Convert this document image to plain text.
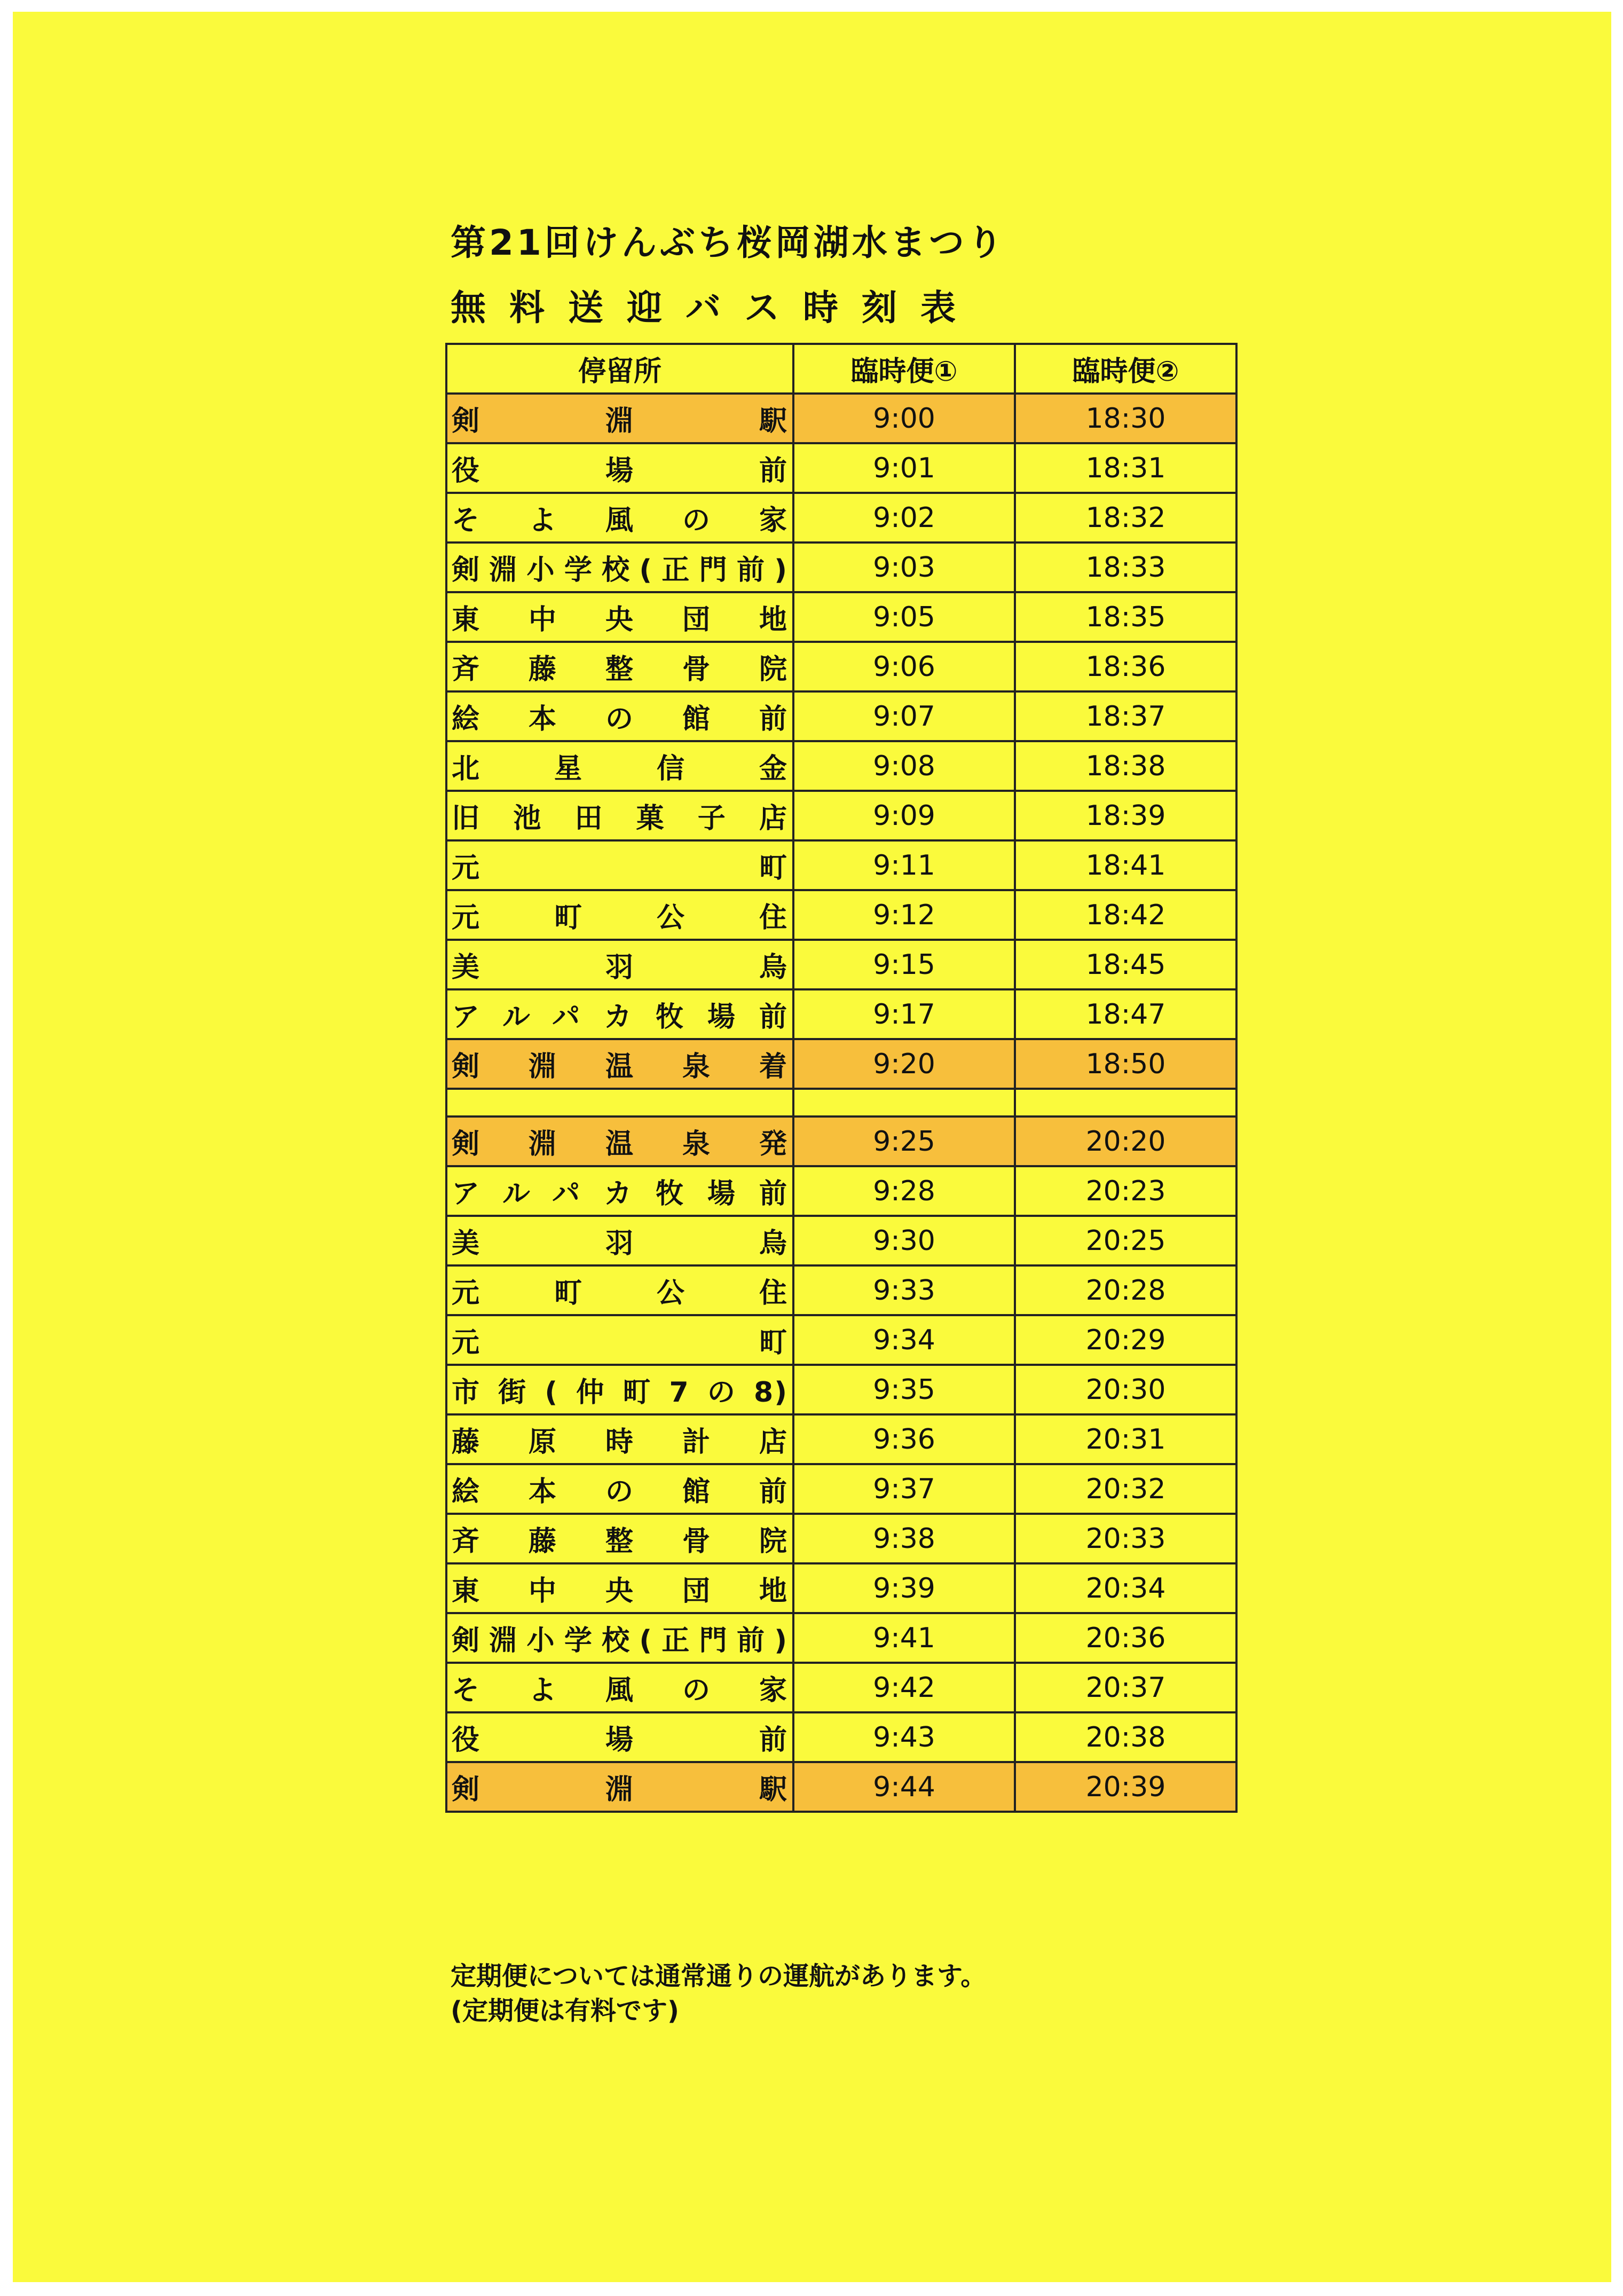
第21回けんぶち桜岡湖水まつり
無料送迎バス時刻表
停留所	臨時便①	臨時便②
剣淵駅	9:00	18:30
役場前	9:01	18:31
そよ風の家	9:02	18:32
剣淵小学校(正門前)	9:03	18:33
東中央団地	9:05	18:35
斉藤整骨院	9:06	18:36
絵本の館前	9:07	18:37
北星信金	9:08	18:38
旧池田菓子店	9:09	18:39
元町	9:11	18:41
元町公住	9:12	18:42
美羽烏	9:15	18:45
アルパカ牧場前	9:17	18:47
剣淵温泉着	9:20	18:50

剣淵温泉発	9:25	20:20
アルパカ牧場前	9:28	20:23
美羽烏	9:30	20:25
元町公住	9:33	20:28
元町	9:34	20:29
市街(仲町7の8)	9:35	20:30
藤原時計店	9:36	20:31
絵本の館前	9:37	20:32
斉藤整骨院	9:38	20:33
東中央団地	9:39	20:34
剣淵小学校(正門前)	9:41	20:36
そよ風の家	9:42	20:37
役場前	9:43	20:38
剣淵駅	9:44	20:39

定期便については通常通りの運航があります。

(定期便は有料です)
